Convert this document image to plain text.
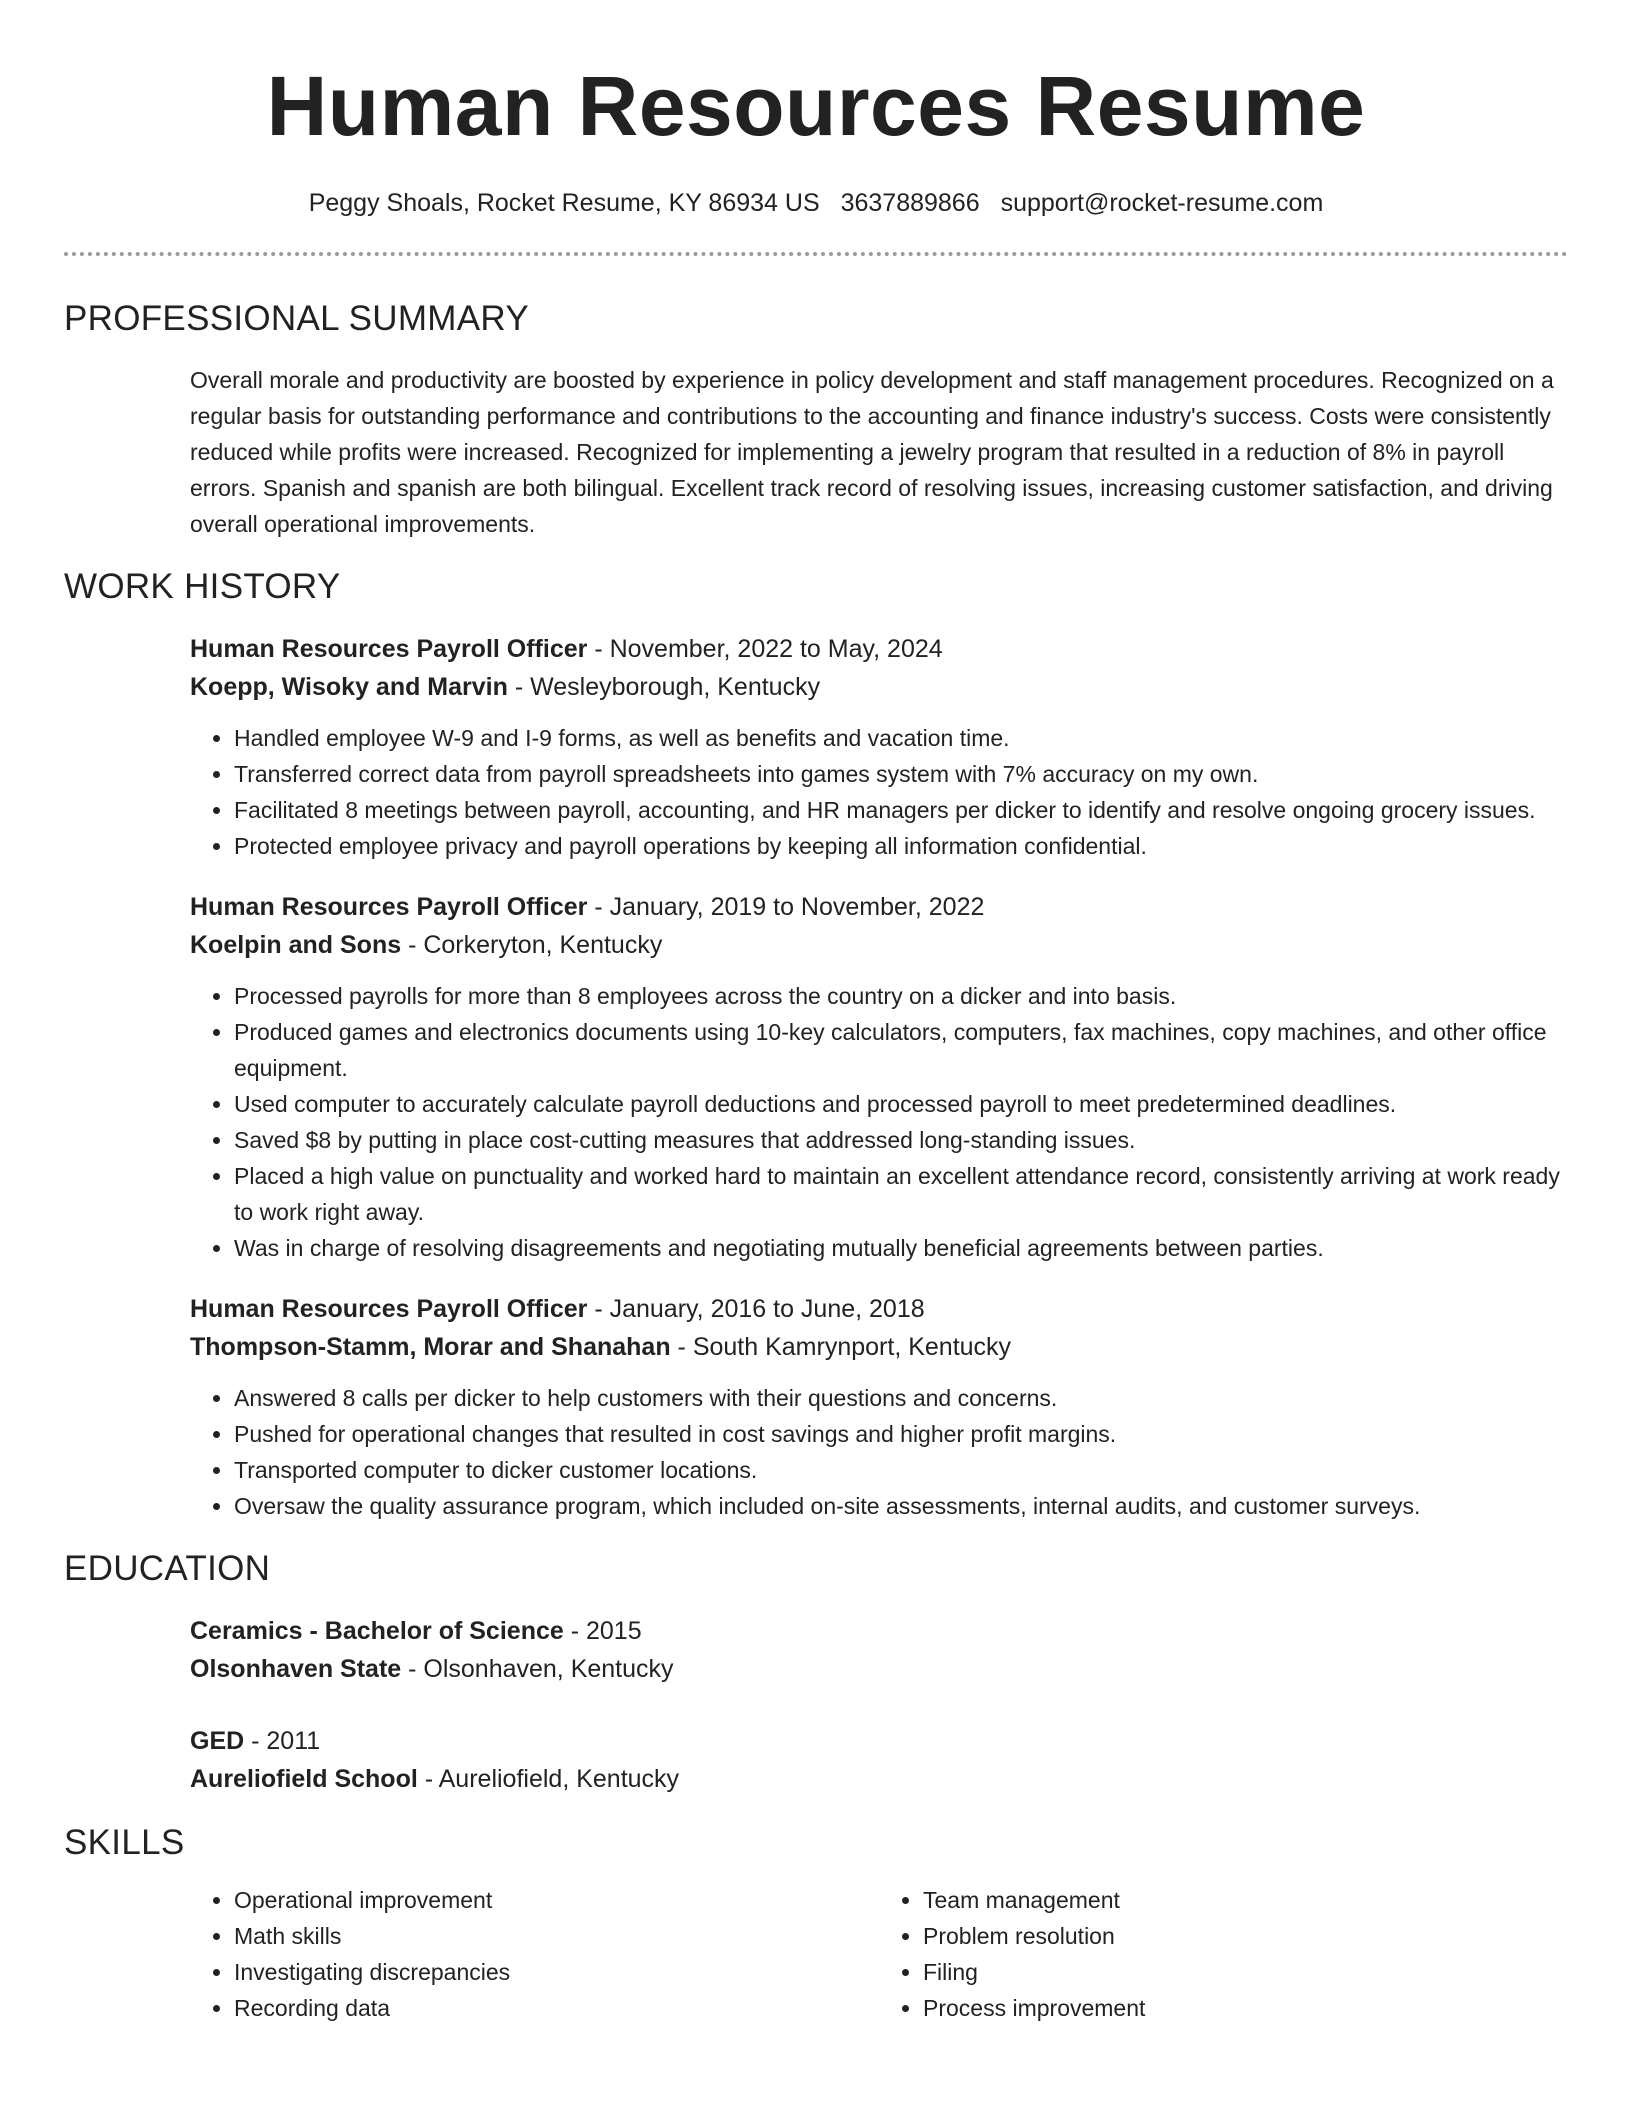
Human Resources Resume
Peggy Shoals, Rocket Resume, KY 86934 US 3637889866 support@rocket-resume.com
PROFESSIONAL SUMMARY

Overall morale and productivity are boosted by experience in policy development and staff management procedures. Recognized on a regular basis for outstanding performance and contributions to the accounting and finance industry's success. Costs were consistently reduced while profits were increased. Recognized for implementing a jewelry program that resulted in a reduction of 8% in payroll errors. Spanish and spanish are both bilingual. Excellent track record of resolving issues, increasing customer satisfaction, and driving overall operational improvements.

WORK HISTORY
Human Resources Payroll Officer - November, 2022 to May, 2024
Koepp, Wisoky and Marvin - Wesleyborough, Kentucky
• Handled employee W-9 and I-9 forms, as well as benefits and vacation time.
• Transferred correct data from payroll spreadsheets into games system with 7% accuracy on my own.
• Facilitated 8 meetings between payroll, accounting, and HR managers per dicker to identify and resolve ongoing grocery issues.
• Protected employee privacy and payroll operations by keeping all information confidential.
Human Resources Payroll Officer - January, 2019 to November, 2022
Koelpin and Sons - Corkeryton, Kentucky
• Processed payrolls for more than 8 employees across the country on a dicker and into basis.
• Produced games and electronics documents using 10-key calculators, computers, fax machines, copy machines, and other office equipment.
• Used computer to accurately calculate payroll deductions and processed payroll to meet predetermined deadlines.
• Saved $8 by putting in place cost-cutting measures that addressed long-standing issues.
• Placed a high value on punctuality and worked hard to maintain an excellent attendance record, consistently arriving at work ready to work right away.
• Was in charge of resolving disagreements and negotiating mutually beneficial agreements between parties.
Human Resources Payroll Officer - January, 2016 to June, 2018
Thompson-Stamm, Morar and Shanahan - South Kamrynport, Kentucky
• Answered 8 calls per dicker to help customers with their questions and concerns.
• Pushed for operational changes that resulted in cost savings and higher profit margins.
• Transported computer to dicker customer locations.
• Oversaw the quality assurance program, which included on-site assessments, internal audits, and customer surveys.
EDUCATION
Ceramics - Bachelor of Science - 2015
Olsonhaven State - Olsonhaven, Kentucky
GED - 2011
Aureliofield School - Aureliofield, Kentucky
SKILLS
• Operational improvement
• Math skills
• Investigating discrepancies
• Recording data
• Team management
• Problem resolution
• Filing
• Process improvement
